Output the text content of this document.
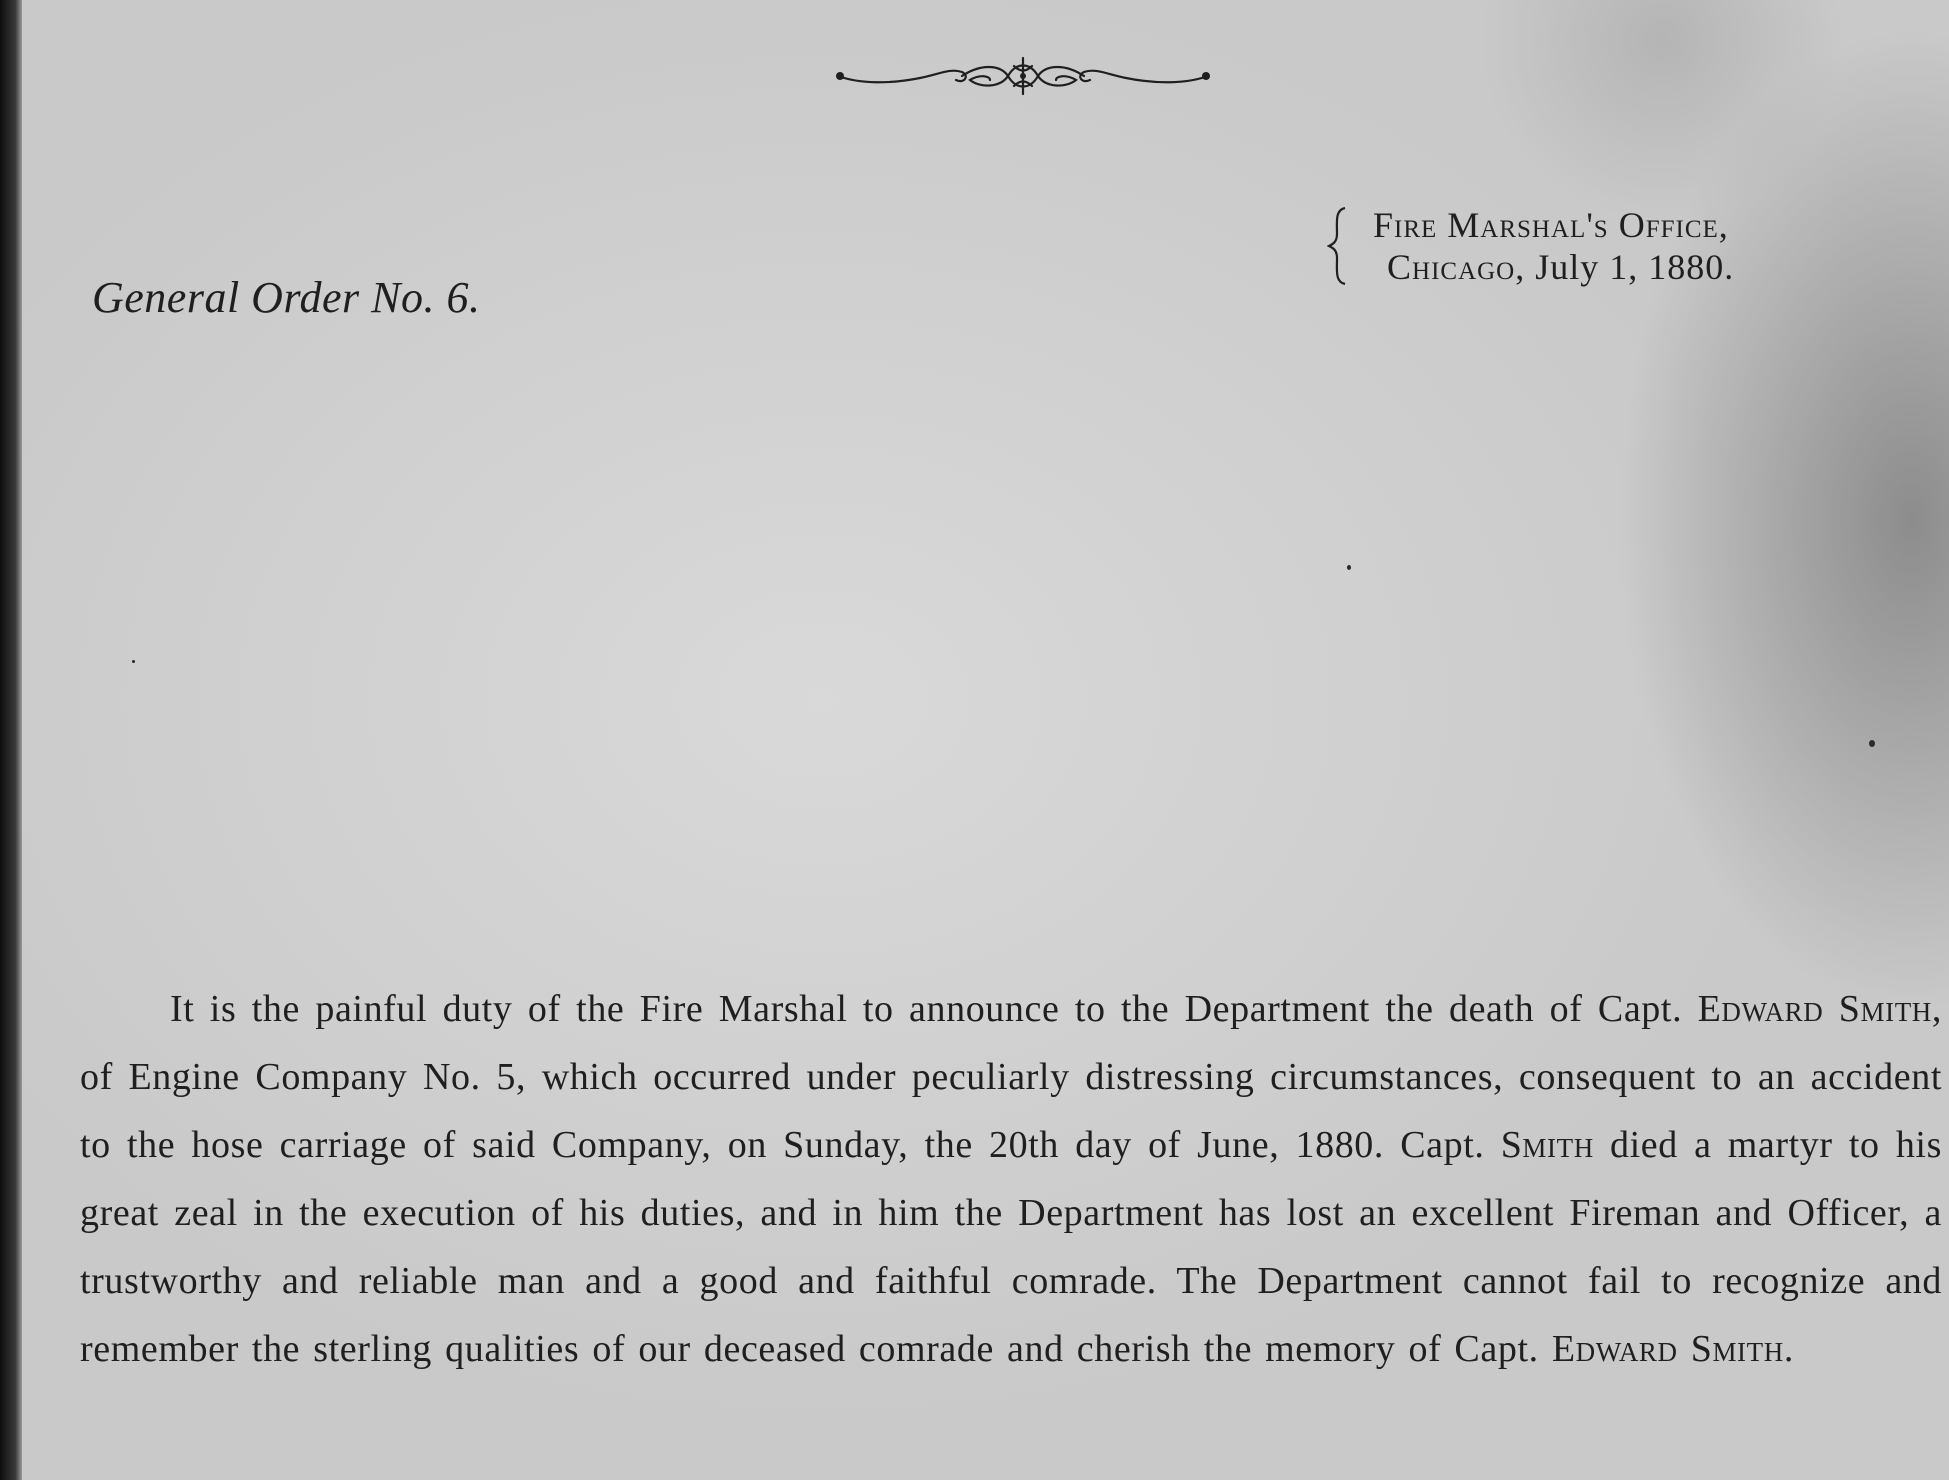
Fire Marshal's Office,
Chicago, July 1, 1880.
General Order No. 6.
It is the painful duty of the Fire Marshal to announce to the Department the death of Capt. Edward Smith, of Engine Company No. 5, which occurred under peculiarly distressing circumstances, consequent to an accident to the hose carriage of said Company, on Sunday, the 20th day of June, 1880. Capt. Smith died a martyr to his great zeal in the execution of his duties, and in him the Department has lost an excellent Fireman and Officer, a trustworthy and reliable man and a good and faithful comrade. The Department cannot fail to recognize and remember the sterling qualities of our deceased comrade and cherish the memory of Capt. Edward Smith.
